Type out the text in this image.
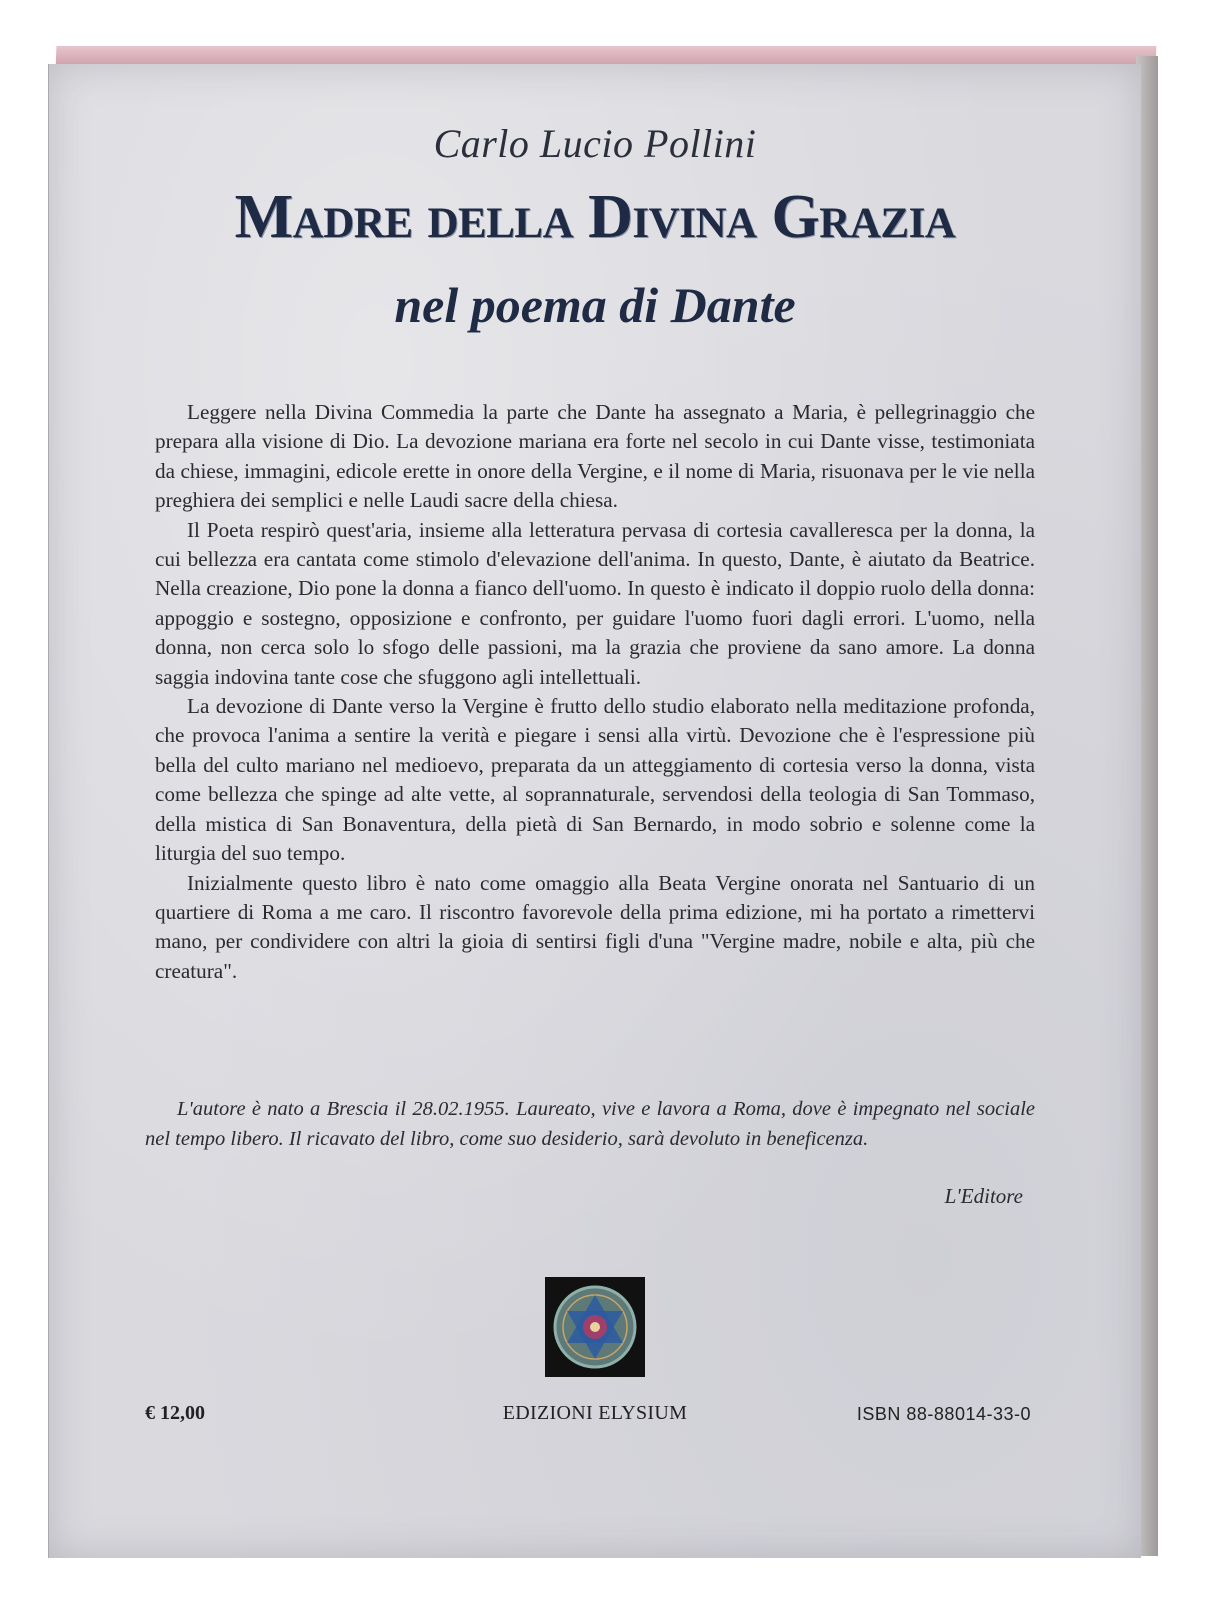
Carlo Lucio Pollini
Madre della Divina Grazia
nel poema di Dante

Leggere nella Divina Commedia la parte che Dante ha assegnato a Maria, è pellegrinaggio che prepara alla visione di Dio. La devozione mariana era forte nel secolo in cui Dante visse, testimoniata da chiese, immagini, edicole erette in onore della Vergine, e il nome di Maria, risuonava per le vie nella preghiera dei semplici e nelle Laudi sacre della chiesa.

Il Poeta respirò quest'aria, insieme alla letteratura pervasa di cortesia cavalleresca per la donna, la cui bellezza era cantata come stimolo d'elevazione dell'anima. In questo, Dante, è aiutato da Beatrice. Nella creazione, Dio pone la donna a fianco dell'uomo. In questo è indicato il doppio ruolo della donna: appoggio e sostegno, opposizione e confronto, per guidare l'uomo fuori dagli errori. L'uomo, nella donna, non cerca solo lo sfogo delle passioni, ma la grazia che proviene da sano amore. La donna saggia indovina tante cose che sfuggono agli intellettuali.

La devozione di Dante verso la Vergine è frutto dello studio elaborato nella meditazione profonda, che provoca l'anima a sentire la verità e piegare i sensi alla virtù. Devozione che è l'espressione più bella del culto mariano nel medioevo, preparata da un atteggiamento di cortesia verso la donna, vista come bellezza che spinge ad alte vette, al soprannaturale, servendosi della teologia di San Tommaso, della mistica di San Bonaventura, della pietà di San Bernardo, in modo sobrio e solenne come la liturgia del suo tempo.

Inizialmente questo libro è nato come omaggio alla Beata Vergine onorata nel Santuario di un quartiere di Roma a me caro. Il riscontro favorevole della prima edizione, mi ha portato a rimettervi mano, per condividere con altri la gioia di sentirsi figli d'una "Vergine madre, nobile e alta, più che creatura".

L'autore è nato a Brescia il 28.02.1955. Laureato, vive e lavora a Roma, dove è impegnato nel sociale nel tempo libero. Il ricavato del libro, come suo desiderio, sarà devoluto in beneficenza.
L'Editore
€ 12,00	EDIZIONI ELYSIUM	ISBN 88-88014-33-0
